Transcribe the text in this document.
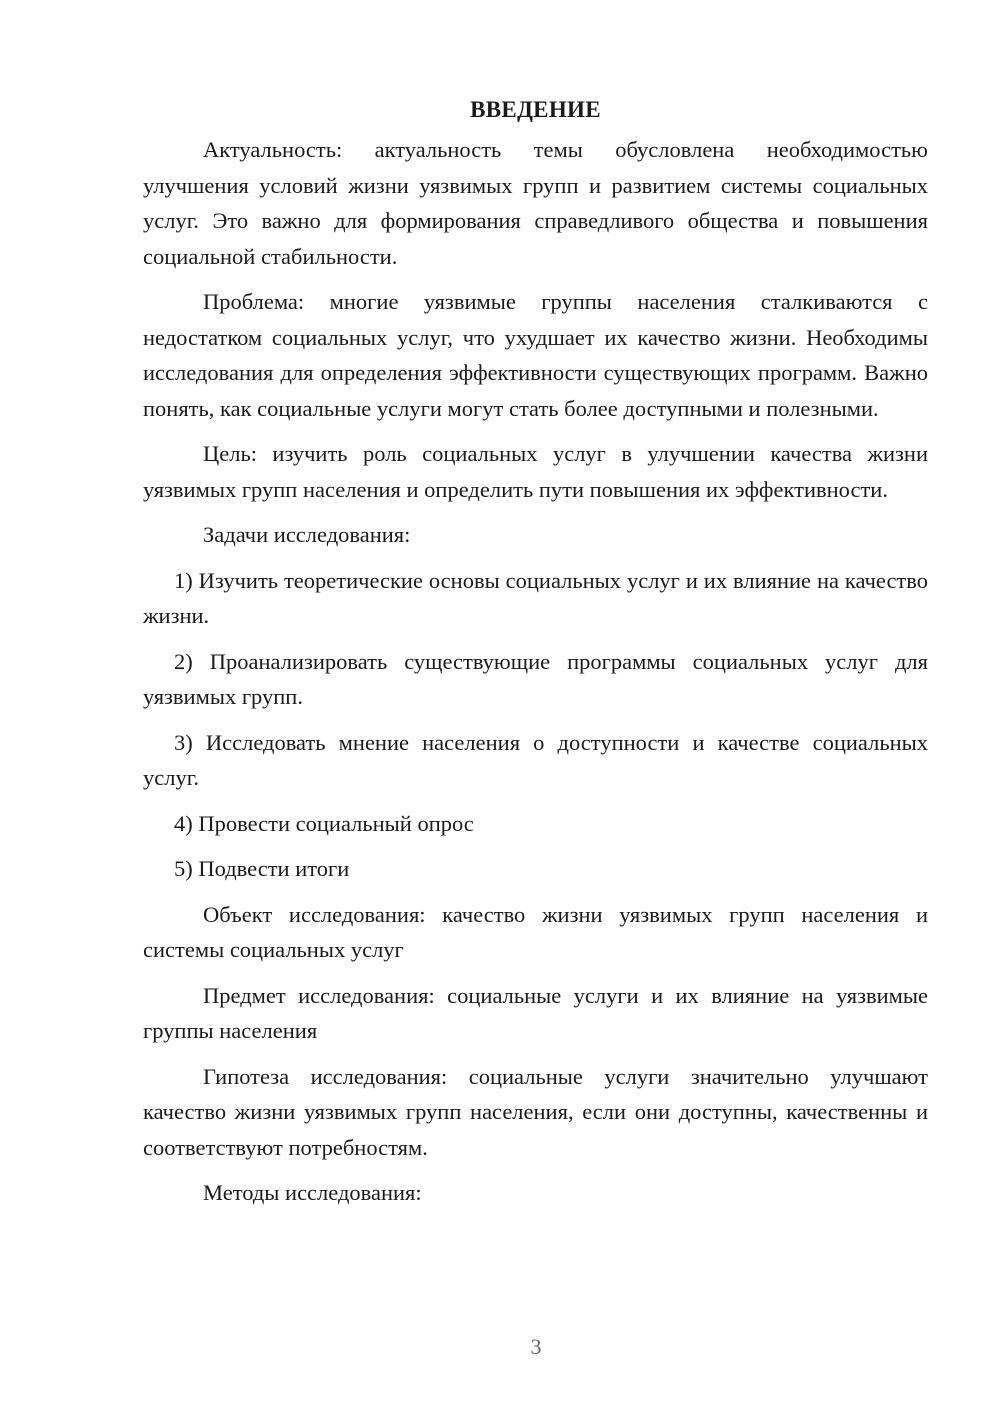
ВВЕДЕНИЕ

Актуальность: актуальность темы обусловлена необходимостью улучшения условий жизни уязвимых групп и развитием системы социальных услуг. Это важно для формирования справедливого общества и повышения социальной стабильности.

Проблема: многие уязвимые группы населения сталкиваются с недостатком социальных услуг, что ухудшает их качество жизни. Необходимы исследования для определения эффективности существующих программ. Важно понять, как социальные услуги могут стать более доступными и полезными.

Цель: изучить роль социальных услуг в улучшении качества жизни уязвимых групп населения и определить пути повышения их эффективности.

Задачи исследования:

1) Изучить теоретические основы социальных услуг и их влияние на качество жизни.

2) Проанализировать существующие программы социальных услуг для уязвимых групп.

3) Исследовать мнение населения о доступности и качестве социальных услуг.

4) Провести социальный опрос

5) Подвести итоги

Объект исследования: качество жизни уязвимых групп населения и системы социальных услуг

Предмет исследования: социальные услуги и их влияние на уязвимые группы населения

Гипотеза исследования: социальные услуги значительно улучшают качество жизни уязвимых групп населения, если они доступны, качественны и соответствуют потребностям.

Методы исследования:

3
